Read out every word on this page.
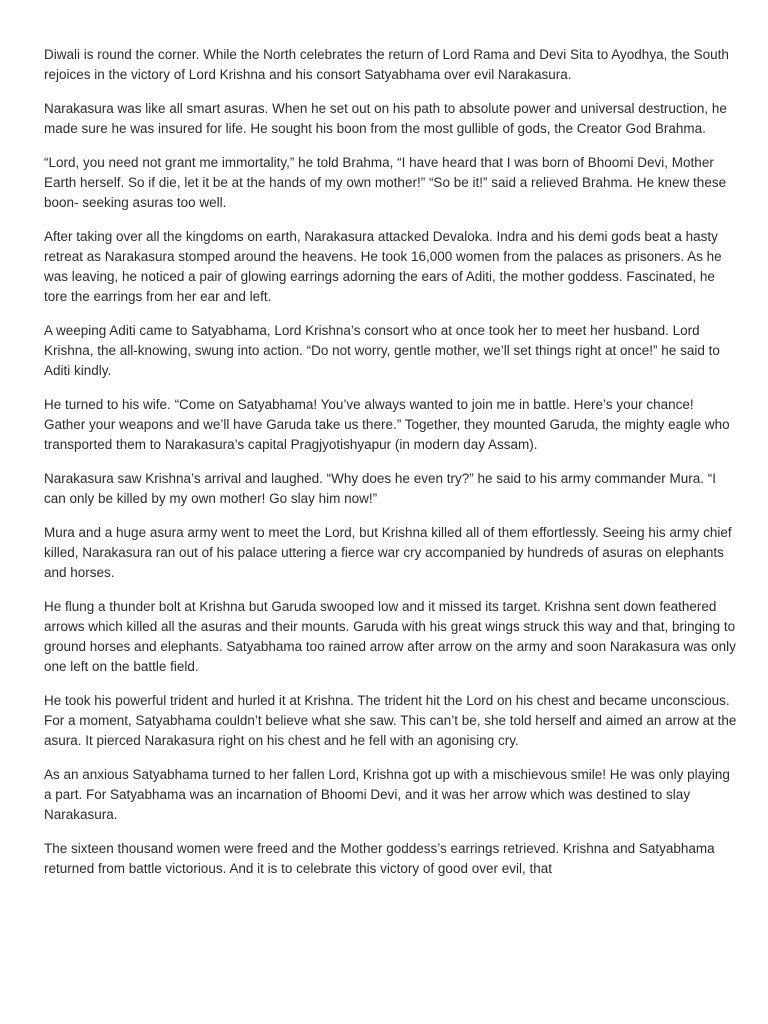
Diwali is round the corner. While the North celebrates the return of Lord Rama and Devi Sita to Ayodhya, the South rejoices in the victory of Lord Krishna and his consort Satyabhama over evil Narakasura.

Narakasura was like all smart asuras. When he set out on his path to absolute power and universal destruction, he made sure he was insured for life. He sought his boon from the most gullible of gods, the Creator God Brahma.

“Lord, you need not grant me immortality,” he told Brahma, “I have heard that I was born of Bhoomi Devi, Mother Earth herself. So if die, let it be at the hands of my own mother!” “So be it!” said a relieved Brahma. He knew these boon- seeking asuras too well.

After taking over all the kingdoms on earth, Narakasura attacked Devaloka. Indra and his demi gods beat a hasty retreat as Narakasura stomped around the heavens. He took 16,000 women from the palaces as prisoners. As he was leaving, he noticed a pair of glowing earrings adorning the ears of Aditi, the mother goddess. Fascinated, he tore the earrings from her ear and left.

A weeping Aditi came to Satyabhama, Lord Krishna’s consort who at once took her to meet her husband. Lord Krishna, the all-knowing, swung into action. “Do not worry, gentle mother, we’ll set things right at once!” he said to Aditi kindly.

He turned to his wife. “Come on Satyabhama! You’ve always wanted to join me in battle. Here’s your chance! Gather your weapons and we’ll have Garuda take us there.” Together, they mounted Garuda, the mighty eagle who transported them to Narakasura’s capital Pragjyotishyapur (in modern day Assam).

Narakasura saw Krishna’s arrival and laughed. “Why does he even try?” he said to his army commander Mura. “I can only be killed by my own mother! Go slay him now!”

Mura and a huge asura army went to meet the Lord, but Krishna killed all of them effortlessly. Seeing his army chief killed, Narakasura ran out of his palace uttering a fierce war cry accompanied by hundreds of asuras on elephants and horses.

He flung a thunder bolt at Krishna but Garuda swooped low and it missed its target. Krishna sent down feathered arrows which killed all the asuras and their mounts. Garuda with his great wings struck this way and that, bringing to ground horses and elephants. Satyabhama too rained arrow after arrow on the army and soon Narakasura was only one left on the battle field.

He took his powerful trident and hurled it at Krishna. The trident hit the Lord on his chest and became unconscious. For a moment, Satyabhama couldn’t believe what she saw. This can’t be, she told herself and aimed an arrow at the asura. It pierced Narakasura right on his chest and he fell with an agonising cry.

As an anxious Satyabhama turned to her fallen Lord, Krishna got up with a mischievous smile! He was only playing a part. For Satyabhama was an incarnation of Bhoomi Devi, and it was her arrow which was destined to slay Narakasura.

The sixteen thousand women were freed and the Mother goddess’s earrings retrieved. Krishna and Satyabhama returned from battle victorious. And it is to celebrate this victory of good over evil, that
